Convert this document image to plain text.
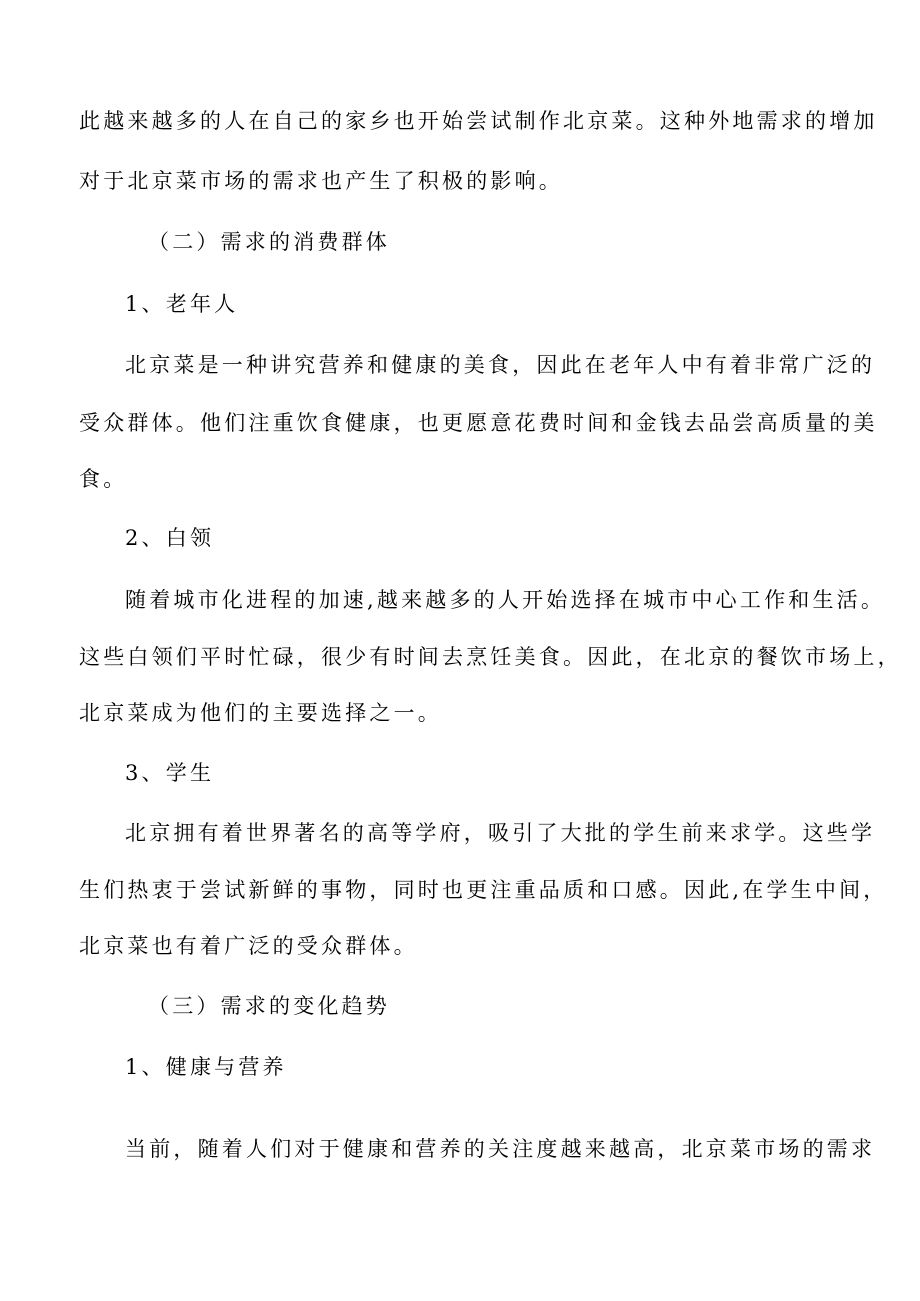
此越来越多的人在自己的家乡也开始尝试制作北京菜。这种外地需求的增加
对于北京菜市场的需求也产生了积极的影响。
（二）需求的消费群体
1、老年人
北京菜是一种讲究营养和健康的美食，因此在老年人中有着非常广泛的
受众群体。他们注重饮食健康，也更愿意花费时间和金钱去品尝高质量的美
食。
2、白领
随着城市化进程的加速,越来越多的人开始选择在城市中心工作和生活。
这些白领们平时忙碌，很少有时间去烹饪美食。因此，在北京的餐饮市场上，
北京菜成为他们的主要选择之一。
3、学生
北京拥有着世界著名的高等学府，吸引了大批的学生前来求学。这些学
生们热衷于尝试新鲜的事物，同时也更注重品质和口感。因此,在学生中间，
北京菜也有着广泛的受众群体。
（三）需求的变化趋势
1、健康与营养
当前，随着人们对于健康和营养的关注度越来越高，北京菜市场的需求
